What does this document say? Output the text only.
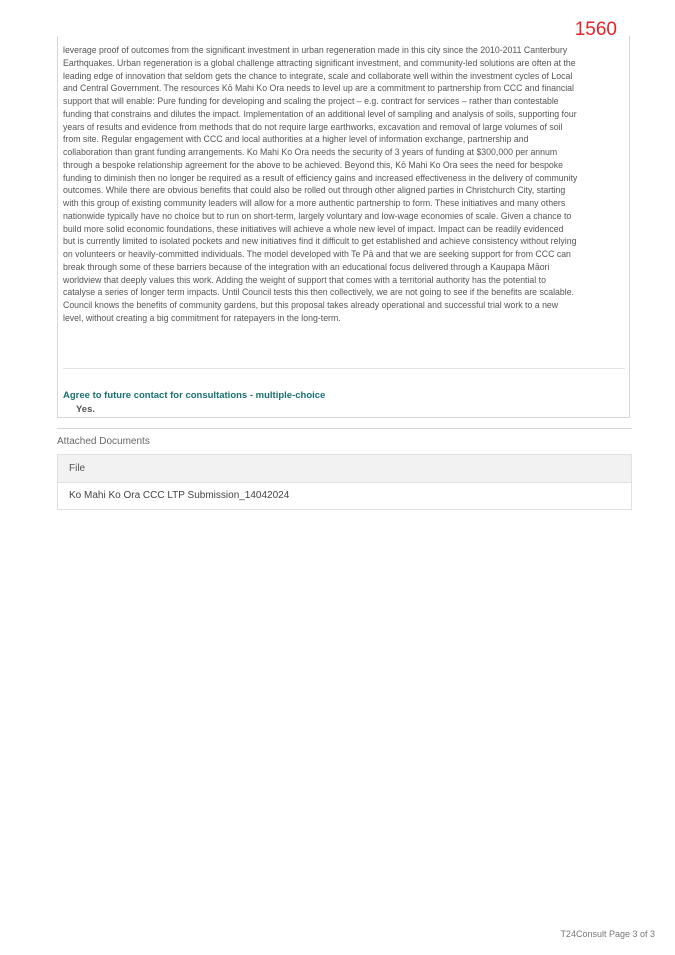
1560

leverage proof of outcomes from the significant investment in urban regeneration made in this city since the 2010-2011 Canterbury Earthquakes. Urban regeneration is a global challenge attracting significant investment, and community-led solutions are often at the leading edge of innovation that seldom gets the chance to integrate, scale and collaborate well within the investment cycles of Local and Central Government. The resources Kō Mahi Ko Ora needs to level up are a commitment to partnership from CCC and financial support that will enable: Pure funding for developing and scaling the project – e.g. contract for services – rather than contestable funding that constrains and dilutes the impact. Implementation of an additional level of sampling and analysis of soils, supporting four years of results and evidence from methods that do not require large earthworks, excavation and removal of large volumes of soil from site. Regular engagement with CCC and local authorities at a higher level of information exchange, partnership and collaboration than grant funding arrangements. Ko Mahi Ko Ora needs the security of 3 years of funding at $300,000 per annum through a bespoke relationship agreement for the above to be achieved. Beyond this, Kō Mahi Ko Ora sees the need for bespoke funding to diminish then no longer be required as a result of efficiency gains and increased effectiveness in the delivery of community outcomes. While there are obvious benefits that could also be rolled out through other aligned parties in Christchurch City, starting with this group of existing community leaders will allow for a more authentic partnership to form. These initiatives and many others nationwide typically have no choice but to run on short-term, largely voluntary and low-wage economies of scale. Given a chance to build more solid economic foundations, these initiatives will achieve a whole new level of impact. Impact can be readily evidenced but is currently limited to isolated pockets and new initiatives find it difficult to get established and achieve consistency without relying on volunteers or heavily-committed individuals. The model developed with Te Pā and that we are seeking support for from CCC can break through some of these barriers because of the integration with an educational focus delivered through a Kaupapa Māori worldview that deeply values this work. Adding the weight of support that comes with a territorial authority has the potential to catalyse a series of longer term impacts. Until Council tests this then collectively, we are not going to see if the benefits are scalable. Council knows the benefits of community gardens, but this proposal takes already operational and successful trial work to a new level, without creating a big commitment for ratepayers in the long-term.

Agree to future contact for consultations - multiple-choice
Yes.
Attached Documents
File
Ko Mahi Ko Ora CCC LTP Submission_14042024
T24Consult Page 3 of 3
